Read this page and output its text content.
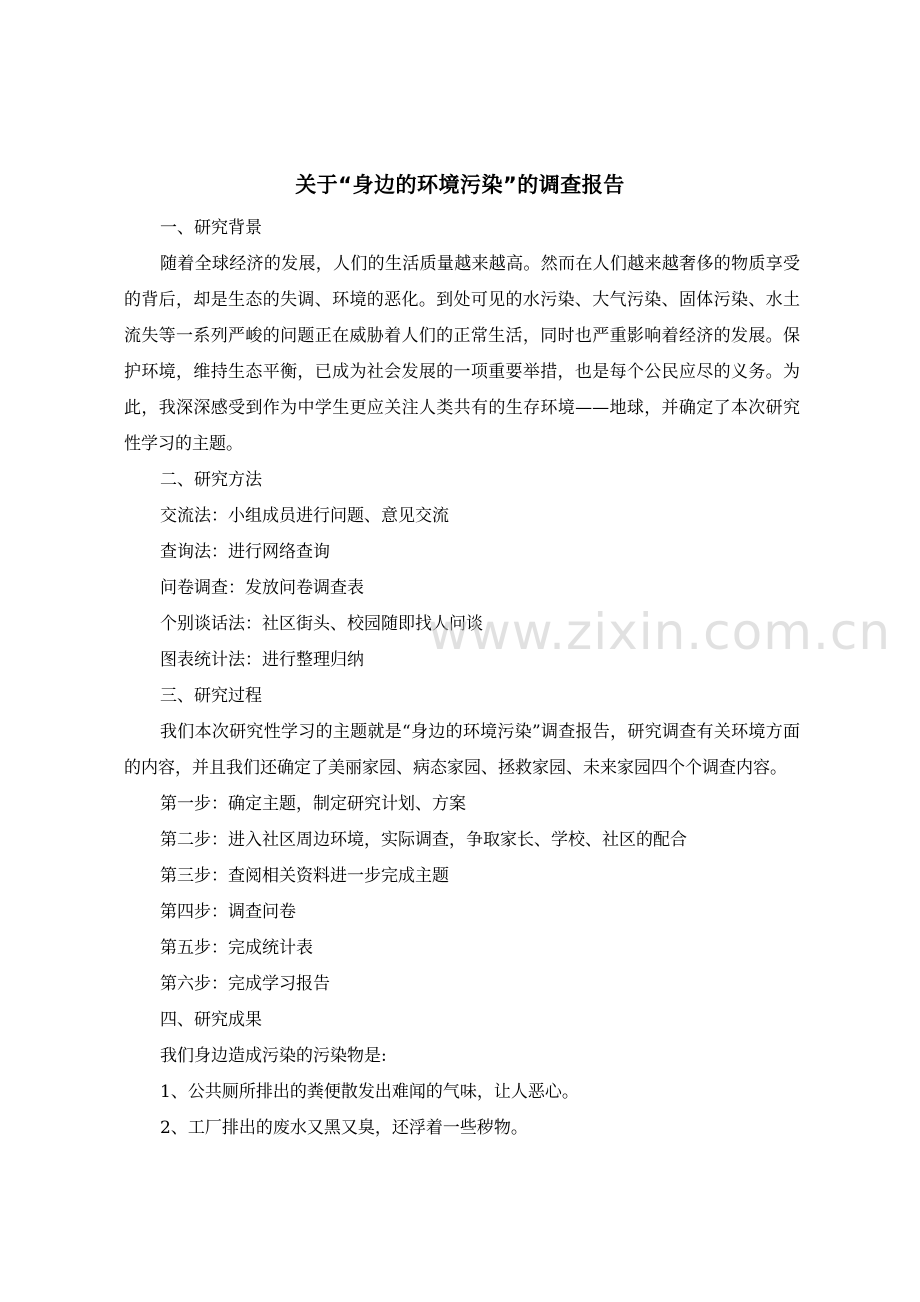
关于“身边的环境污染”的调查报告
一、研究背景

随着全球经济的发展，人们的生活质量越来越高。然而在人们越来越奢侈的物质享受的背后，却是生态的失调、环境的恶化。到处可见的水污染、大气污染、固体污染、水土流失等一系列严峻的问题正在威胁着人们的正常生活，同时也严重影响着经济的发展。保护环境，维持生态平衡，已成为社会发展的一项重要举措，也是每个公民应尽的义务。为此，我深深感受到作为中学生更应关注人类共有的生存环境——地球，并确定了本次研究性学习的主题。

二、研究方法
交流法：小组成员进行问题、意见交流
查询法：进行网络查询
问卷调查：发放问卷调查表
个别谈话法：社区街头、校园随即找人问谈
图表统计法：进行整理归纳
三、研究过程

我们本次研究性学习的主题就是“身边的环境污染”调查报告，研究调查有关环境方面的内容，并且我们还确定了美丽家园、病态家园、拯救家园、未来家园四个个调查内容。

第一步：确定主题，制定研究计划、方案
第二步：进入社区周边环境，实际调查，争取家长、学校、社区的配合
第三步：查阅相关资料进一步完成主题
第四步：调查问卷
第五步：完成统计表
第六步：完成学习报告
四、研究成果
我们身边造成污染的污染物是:
1、公共厕所排出的粪便散发出难闻的气味，让人恶心。
2、工厂排出的废水又黑又臭，还浮着一些秽物。
www.zixin.com.cn
